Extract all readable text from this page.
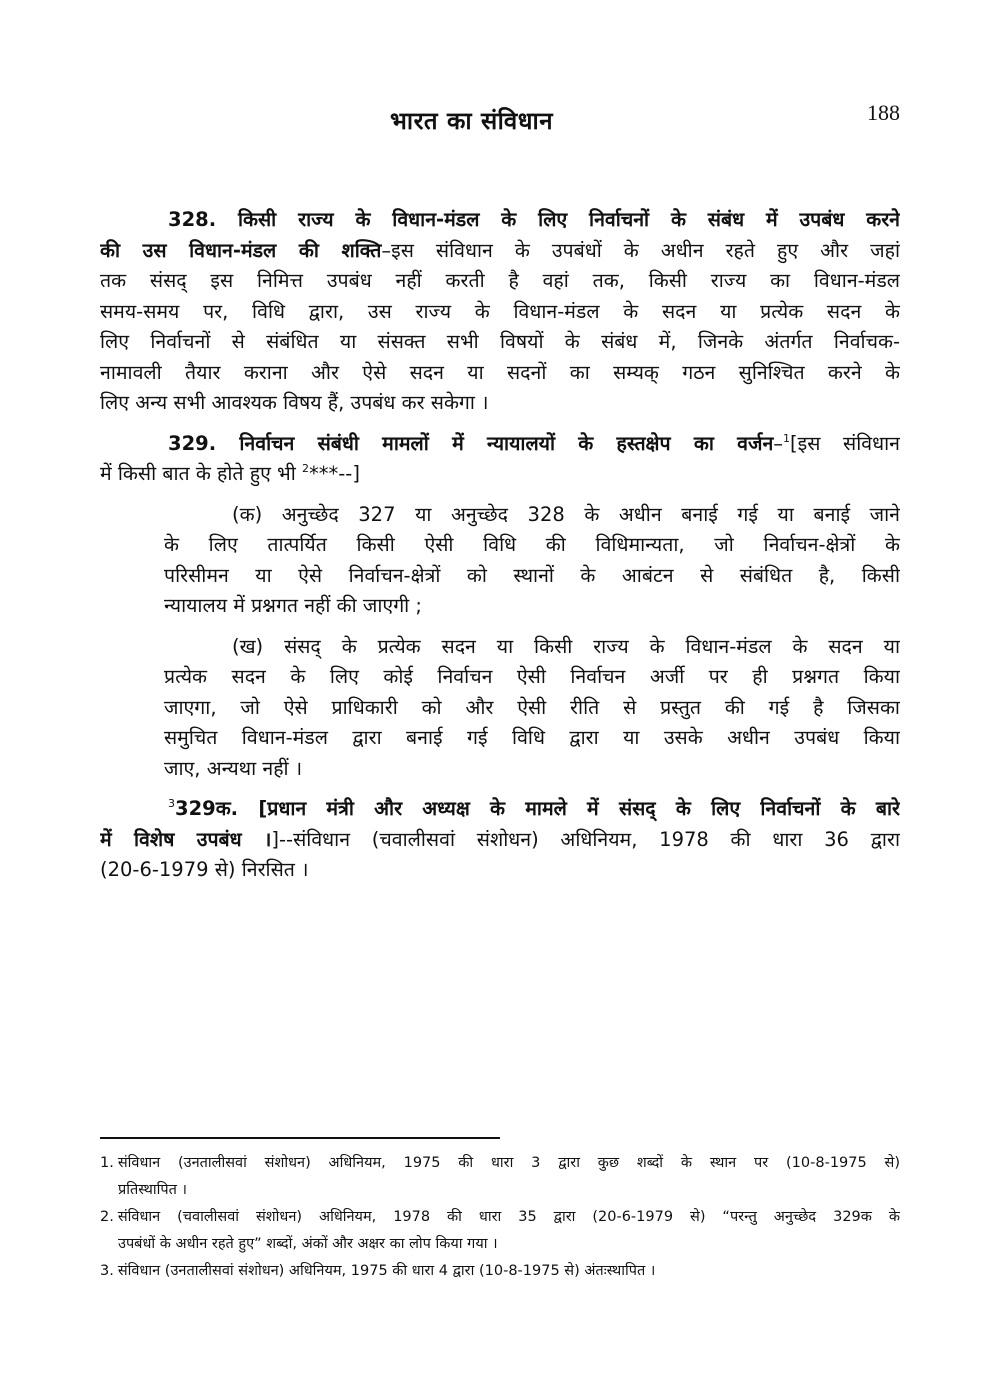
भारत का संविधान	188
328. किसी राज्य के विधान-मंडल के लिए निर्वाचनों के संबंध में उपबंध करने
की उस विधान-मंडल की शक्ति–इस संविधान के उपबंधों के अधीन रहते हुए और जहां
तक संसद् इस निमित्त उपबंध नहीं करती है वहां तक, किसी राज्य का विधान-मंडल
समय-समय पर, विधि द्वारा, उस राज्य के विधान-मंडल के सदन या प्रत्येक सदन के
लिए निर्वाचनों से संबंधित या संसक्त सभी विषयों के संबंध में, जिनके अंतर्गत निर्वाचक-
नामावली तैयार कराना और ऐसे सदन या सदनों का सम्यक् गठन सुनिश्चित करने के
लिए अन्य सभी आवश्यक विषय हैं, उपबंध कर सकेगा ।
329. निर्वाचन संबंधी मामलों में न्यायालयों के हस्तक्षेप का वर्जन–$^1$[इस संविधान
में किसी बात के होते हुए भी $^2$***--]
(क) अनुच्छेद 327 या अनुच्छेद 328 के अधीन बनाई गई या बनाई जाने
के लिए तात्पर्यित किसी ऐसी विधि की विधिमान्यता, जो निर्वाचन-क्षेत्रों के
परिसीमन या ऐसे निर्वाचन-क्षेत्रों को स्थानों के आबंटन से संबंधित है, किसी
न्यायालय में प्रश्नगत नहीं की जाएगी ;
(ख) संसद् के प्रत्येक सदन या किसी राज्य के विधान-मंडल के सदन या
प्रत्येक सदन के लिए कोई निर्वाचन ऐसी निर्वाचन अर्जी पर ही प्रश्नगत किया
जाएगा, जो ऐसे प्राधिकारी को और ऐसी रीति से प्रस्तुत की गई है जिसका
समुचित विधान-मंडल द्वारा बनाई गई विधि द्वारा या उसके अधीन उपबंध किया
जाए, अन्यथा नहीं ।
$^3$329क. [प्रधान मंत्री और अध्यक्ष के मामले में संसद् के लिए निर्वाचनों के बारे
में विशेष उपबंध ।]--संविधान (चवालीसवां संशोधन) अधिनियम, 1978 की धारा 36 द्वारा
(20-6-1979 से) निरसित ।
1. संविधान (उनतालीसवां संशोधन) अधिनियम, 1975 की धारा 3 द्वारा कुछ शब्दों के स्थान पर (10-8-1975 से)
प्रतिस्थापित ।
2. संविधान (चवालीसवां संशोधन) अधिनियम, 1978 की धारा 35 द्वारा (20-6-1979 से) “परन्तु अनुच्छेद 329क के
उपबंधों के अधीन रहते हुए” शब्दों, अंकों और अक्षर का लोप किया गया ।
3. संविधान (उनतालीसवां संशोधन) अधिनियम, 1975 की धारा 4 द्वारा (10-8-1975 से) अंतःस्थापित ।
